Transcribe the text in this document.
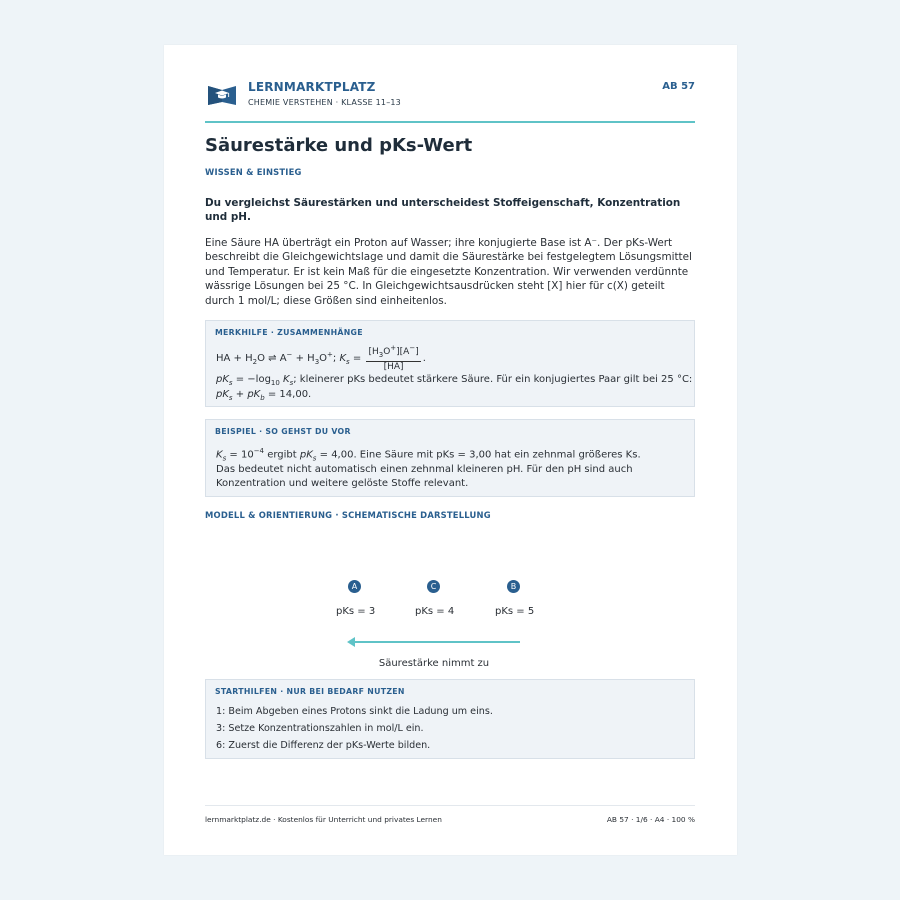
LERNMARKTPLATZ
CHEMIE VERSTEHEN · KLASSE 11–13
AB 57
Säurestärke und pKs-Wert
WISSEN & EINSTIEG
Du vergleichst Säurestärken und unterscheidest Stoffeigenschaft, Konzentration und pH.
Eine Säure HA überträgt ein Proton auf Wasser; ihre konjugierte Base ist A⁻. Der pKs-Wert beschreibt die Gleichgewichtslage und damit die Säurestärke bei festgelegtem Lösungsmittel und Temperatur. Er ist kein Maß für die eingesetzte Konzentration. Wir verwenden verdünnte wässrige Lösungen bei 25 °C. In Gleichgewichtsausdrücken steht [X] hier für c(X) geteilt durch 1 mol/L; diese Größen sind einheitenlos.
MERKHILFE · ZUSAMMENHÄNGE
HA + $H_2O$ ⇌ $A^- + H_3O^+$; $K_s = \frac{[H_3O^+][A^-]}{[HA]}$ .
$pK_s = -\log_{10}$ $K_s$; kleinerer pKs bedeutet stärkere Säure. Für ein konjugiertes Paar gilt bei 25 °C:
$pK_s + pK_b = 14,00$.
BEISPIEL · SO GEHST DU VOR
$K_s = 10^{-4}$ ergibt $pK_s = 4,00$. Eine Säure mit pKs = 3,00 hat ein zehnmal größeres Ks.
Das bedeutet nicht automatisch einen zehnmal kleineren pH. Für den pH sind auch
Konzentration und weitere gelöste Stoffe relevant.
MODELL & ORIENTIERUNG · SCHEMATISCHE DARSTELLUNG
A	C	B
pKs = 3	pKs = 4	pKs = 5
Säurestärke nimmt zu
STARTHILFEN · NUR BEI BEDARF NUTZEN
1: Beim Abgeben eines Protons sinkt die Ladung um eins.
3: Setze Konzentrationszahlen in mol/L ein.
6: Zuerst die Differenz der pKs-Werte bilden.
lernmarktplatz.de · Kostenlos für Unterricht und privates Lernen	AB 57 · 1/6 · A4 · 100 %
